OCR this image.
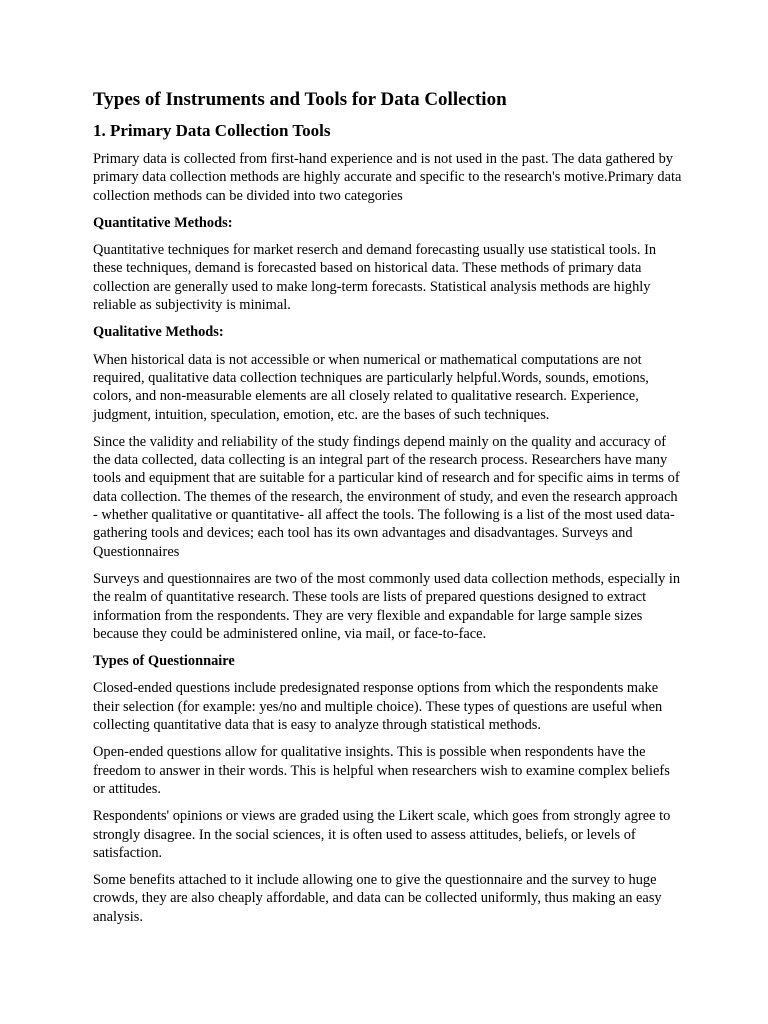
Types of Instruments and Tools for Data Collection
1. Primary Data Collection Tools

Primary data is collected from first-hand experience and is not used in the past. The data gathered by primary data collection methods are highly accurate and specific to the research's motive.Primary data collection methods can be divided into two categories

Quantitative Methods:

Quantitative techniques for market reserch and demand forecasting usually use statistical tools. In these techniques, demand is forecasted based on historical data. These methods of primary data collection are generally used to make long-term forecasts. Statistical analysis methods are highly reliable as subjectivity is minimal.

Qualitative Methods:

When historical data is not accessible or when numerical or mathematical computations are not required, qualitative data collection techniques are particularly helpful.Words, sounds, emotions, colors, and non-measurable elements are all closely related to qualitative research. Experience, judgment, intuition, speculation, emotion, etc. are the bases of such techniques.

Since the validity and reliability of the study findings depend mainly on the quality and accuracy of the data collected, data collecting is an integral part of the research process. Researchers have many tools and equipment that are suitable for a particular kind of research and for specific aims in terms of data collection. The themes of the research, the environment of study, and even the research approach - whether qualitative or quantitative- all affect the tools. The following is a list of the most used data-gathering tools and devices; each tool has its own advantages and disadvantages. Surveys and Questionnaires

Surveys and questionnaires are two of the most commonly used data collection methods, especially in the realm of quantitative research. These tools are lists of prepared questions designed to extract information from the respondents. They are very flexible and expandable for large sample sizes because they could be administered online, via mail, or face-to-face.

Types of Questionnaire

Closed-ended questions include predesignated response options from which the respondents make their selection (for example: yes/no and multiple choice). These types of questions are useful when collecting quantitative data that is easy to analyze through statistical methods.

Open-ended questions allow for qualitative insights. This is possible when respondents have the freedom to answer in their words. This is helpful when researchers wish to examine complex beliefs or attitudes.

Respondents' opinions or views are graded using the Likert scale, which goes from strongly agree to strongly disagree. In the social sciences, it is often used to assess attitudes, beliefs, or levels of satisfaction.

Some benefits attached to it include allowing one to give the questionnaire and the survey to huge crowds, they are also cheaply affordable, and data can be collected uniformly, thus making an easy analysis.
